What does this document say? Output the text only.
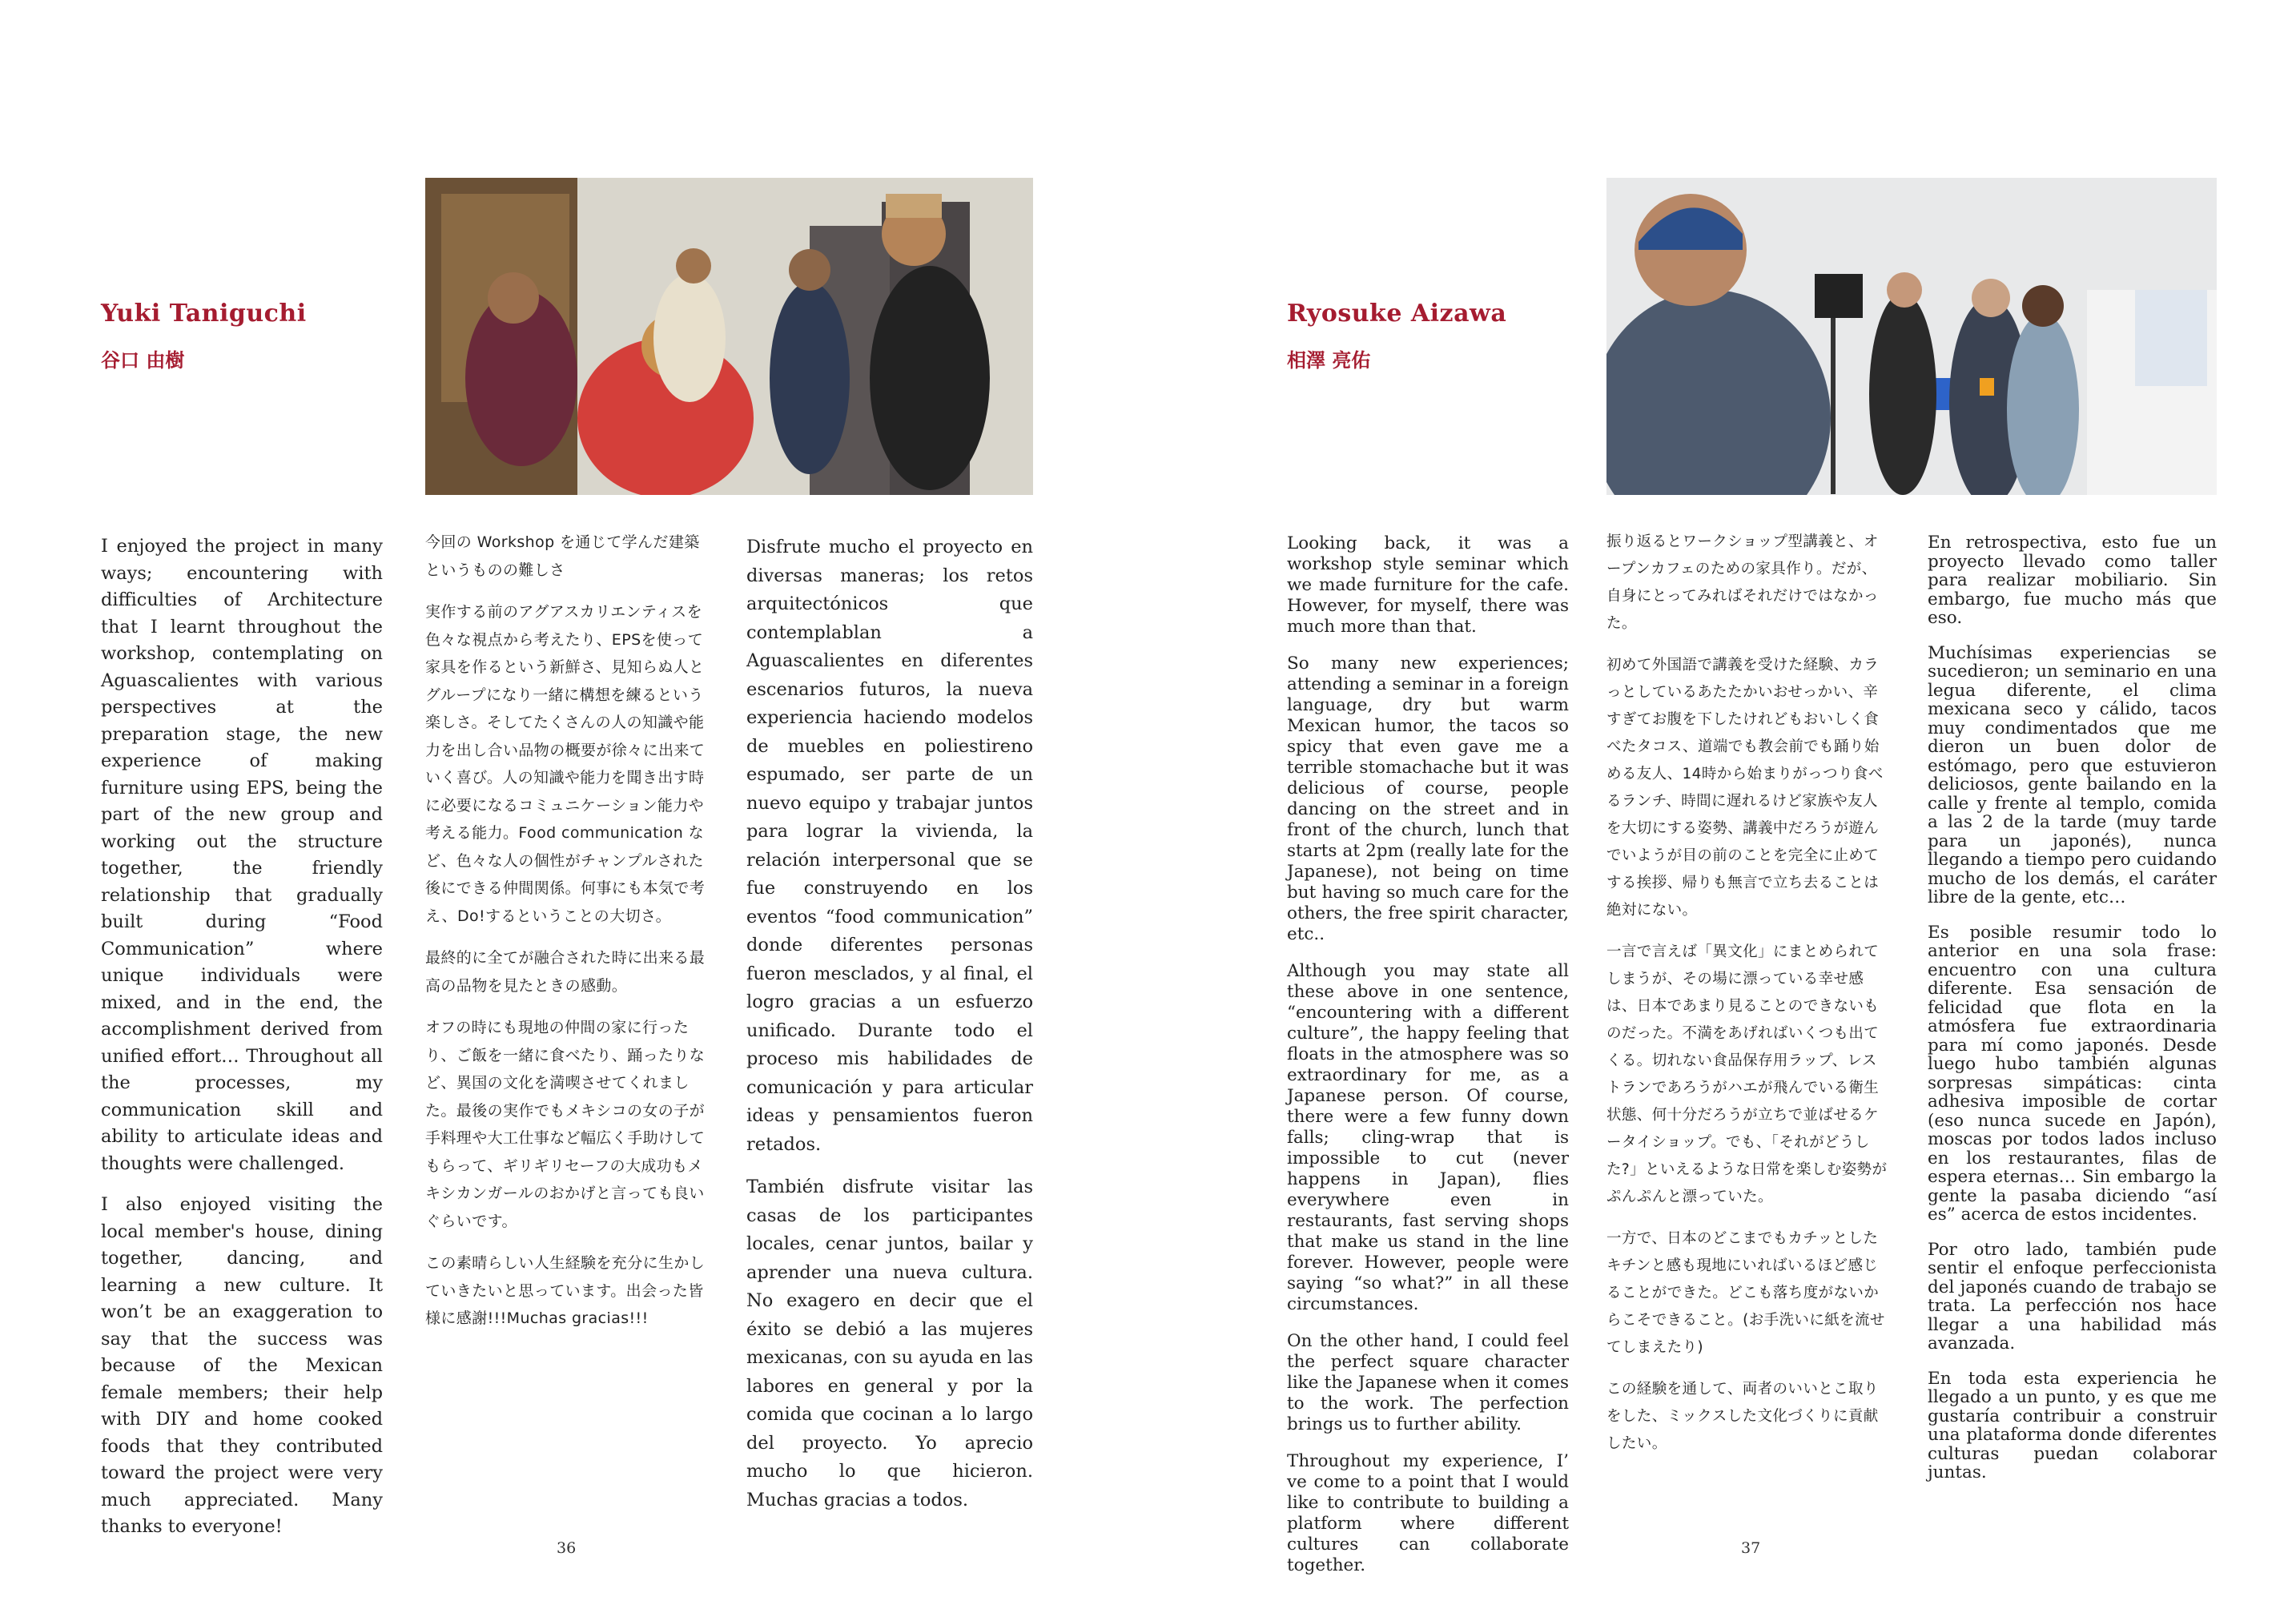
Yuki Taniguchi
谷口 由樹

I enjoyed the project in many ways; encountering with difficulties of Architecture that I learnt throughout the workshop, contemplating on Aguascalientes with various perspectives at the preparation stage, the new experience of making furniture using EPS, being the part of the new group and working out the structure together, the friendly relationship that gradually built during “Food Communication” where unique individuals were mixed, and in the end, the accomplishment derived from unified effort… Throughout all the processes, my communication skill and ability to articulate ideas and thoughts were challenged.

I also enjoyed visiting the local member's house, dining together, dancing, and learning a new culture. It won’t be an exaggeration to say that the success was because of the Mexican female members; their help with DIY and home cooked foods that they contributed toward the project were very much appreciated. Many thanks to everyone!

今回の Workshop を通じて学んだ建築というものの難しさ

実作する前のアグアスカリエンティスを色々な視点から考えたり、EPSを使って家具を作るという新鮮さ、見知らぬ人とグループになり一緒に構想を練るという楽しさ。そしてたくさんの人の知識や能力を出し合い品物の概要が徐々に出来ていく喜び。人の知識や能力を聞き出す時に必要になるコミュニケーション能力や考える能力。Food communication など、色々な人の個性がチャンプルされた後にできる仲間関係。何事にも本気で考え、Do!するということの大切さ。

最終的に全てが融合された時に出来る最高の品物を見たときの感動。

オフの時にも現地の仲間の家に行ったり、ご飯を一緒に食べたり、踊ったりなど、異国の文化を満喫させてくれました。最後の実作でもメキシコの女の子が手料理や大工仕事など幅広く手助けしてもらって、ギリギリセーフの大成功もメキシカンガールのおかげと言っても良いぐらいです。

この素晴らしい人生経験を充分に生かしていきたいと思っています。出会った皆様に感謝!!!Muchas gracias!!!

Disfrute mucho el proyecto en diversas maneras; los retos arquitectónicos que contemplablan a Aguascalientes en diferentes escenarios futuros, la nueva experiencia haciendo modelos de muebles en poliestireno espumado, ser parte de un nuevo equipo y trabajar juntos para lograr la vivienda, la relación interpersonal que se fue construyendo en los eventos “food communication” donde diferentes personas fueron mesclados, y al final, el logro gracias a un esfuerzo unificado. Durante todo el proceso mis habilidades de comunicación y para articular ideas y pensamientos fueron retados.

También disfrute visitar las casas de los participantes locales, cenar juntos, bailar y aprender una nueva cultura. No exagero en decir que el éxito se debió a las mujeres mexicanas, con su ayuda en las labores en general y por la comida que cocinan a lo largo del proyecto. Yo aprecio mucho lo que hicieron. Muchas gracias a todos.

36
Ryosuke Aizawa
相澤 亮佑

Looking back, it was a workshop style seminar which we made furniture for the cafe. However, for myself, there was much more than that.

So many new experiences; attending a seminar in a foreign language, dry but warm Mexican humor, the tacos so spicy that even gave me a terrible stomachache but it was delicious of course, people dancing on the street and in front of the church, lunch that starts at 2pm (really late for the Japanese), not being on time but having so much care for the others, the free spirit character, etc..

Although you may state all these above in one sentence, “encountering with a different culture”, the happy feeling that floats in the atmosphere was so extraordinary for me, as a Japanese person. Of course, there were a few funny down falls; cling-wrap that is impossible to cut (never happens in Japan), flies everywhere even in restaurants, fast serving shops that make us stand in the line forever. However, people were saying “so what?” in all these circumstances.

On the other hand, I could feel the perfect square character like the Japanese when it comes to the work. The perfection brings us to further ability.

Throughout my experience, I’ ve come to a point that I would like to contribute to building a platform where different cultures can collaborate together.

振り返るとワークショップ型講義と、オープンカフェのための家具作り。だが、自身にとってみればそれだけではなかった。

初めて外国語で講義を受けた経験、カラっとしているあたたかいおせっかい、辛すぎてお腹を下したけれどもおいしく食べたタコス、道端でも教会前でも踊り始める友人、14時から始まりがっつり食べるランチ、時間に遅れるけど家族や友人を大切にする姿勢、講義中だろうが遊んでいようが目の前のことを完全に止めてする挨拶、帰りも無言で立ち去ることは絶対にない。

一言で言えば「異文化」にまとめられてしまうが、その場に漂っている幸せ感は、日本であまり見ることのできないものだった。不満をあげればいくつも出てくる。切れない食品保存用ラップ、レストランであろうがハエが飛んでいる衛生状態、何十分だろうが立ちで並ばせるケータイショップ。でも、「それがどうした?」といえるような日常を楽しむ姿勢がぷんぷんと漂っていた。

一方で、日本のどこまでもカチッとしたキチンと感も現地にいればいるほど感じることができた。どこも落ち度がないからこそできること。(お手洗いに紙を流せてしまえたり)

この経験を通して、両者のいいとこ取りをした、ミックスした文化づくりに貢献したい。

En retrospectiva, esto fue un proyecto llevado como taller para realizar mobiliario. Sin embargo, fue mucho más que eso.

Muchísimas experiencias se sucedieron; un seminario en una legua diferente, el clima mexicana seco y cálido, tacos muy condimentados que me dieron un buen dolor de estómago, pero que estuvieron deliciosos, gente bailando en la calle y frente al templo, comida a las 2 de la tarde (muy tarde para un japonés), nunca llegando a tiempo pero cuidando mucho de los demás, el caráter libre de la gente, etc…

Es posible resumir todo lo anterior en una sola frase: encuentro con una cultura diferente. Esa sensación de felicidad que flota en la atmósfera fue extraordinaria para mí como japonés. Desde luego hubo también algunas sorpresas simpáticas: cinta adhesiva imposible de cortar (eso nunca sucede en Japón), moscas por todos lados incluso en los restaurantes, filas de espera eternas… Sin embargo la gente la pasaba diciendo “así es” acerca de estos incidentes.

Por otro lado, también pude sentir el enfoque perfeccionista del japonés cuando de trabajo se trata. La perfección nos hace llegar a una habilidad más avanzada.

En toda esta experiencia he llegado a un punto, y es que me gustaría contribuir a construir una plataforma donde diferentes culturas puedan colaborar juntas.

37
